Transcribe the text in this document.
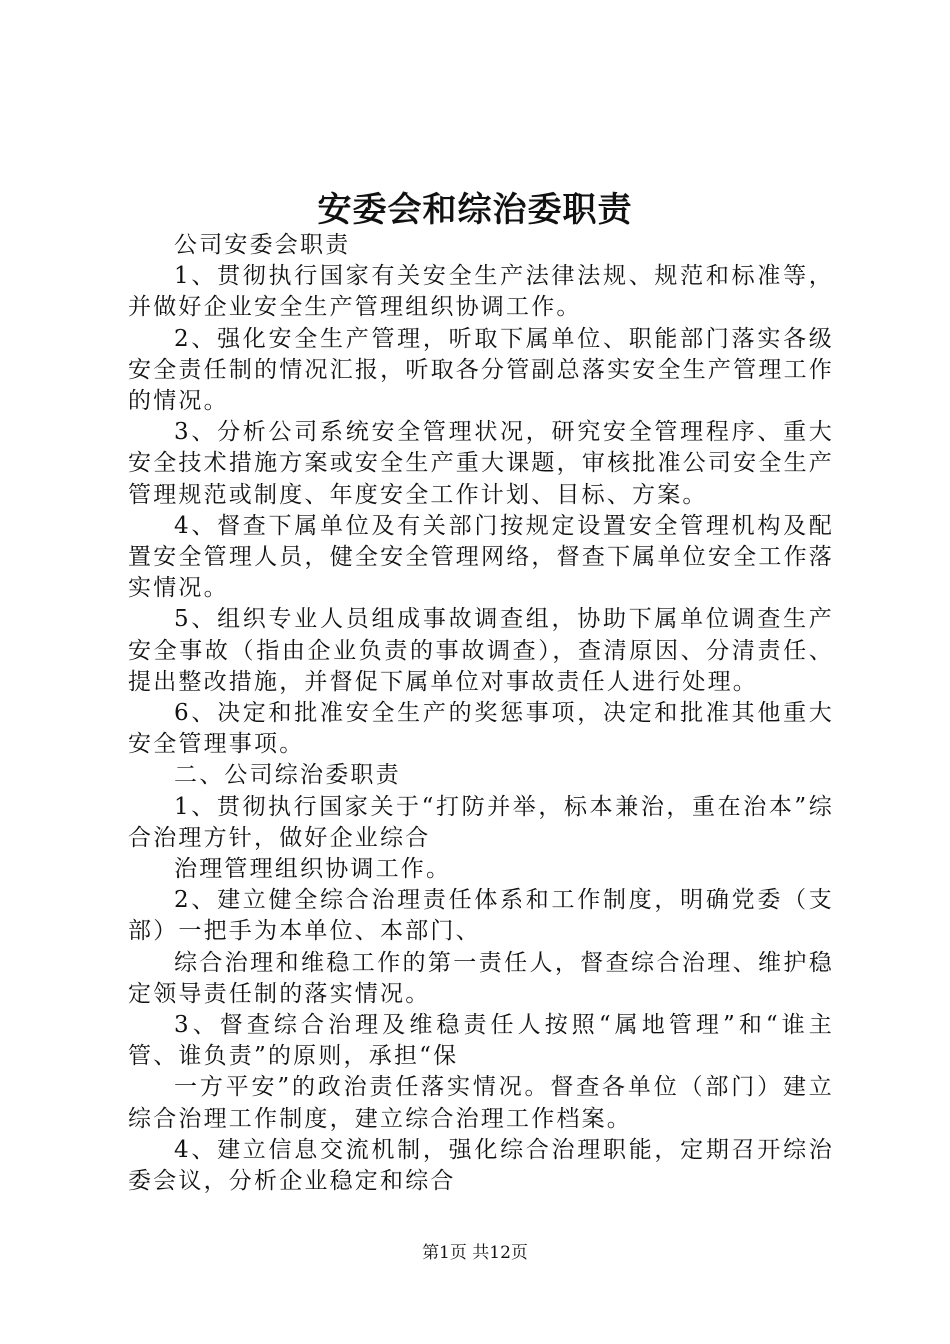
安委会和综治委职责

公司安委会职责

1、贯彻执行国家有关安全生产法律法规、规范和标准等，并做好企业安全生产管理组织协调工作。

2、强化安全生产管理，听取下属单位、职能部门落实各级安全责任制的情况汇报，听取各分管副总落实安全生产管理工作的情况。

3、分析公司系统安全管理状况，研究安全管理程序、重大安全技术措施方案或安全生产重大课题，审核批准公司安全生产管理规范或制度、年度安全工作计划、目标、方案。

4、督查下属单位及有关部门按规定设置安全管理机构及配置安全管理人员，健全安全管理网络，督查下属单位安全工作落实情况。

5、组织专业人员组成事故调查组，协助下属单位调查生产安全事故（指由企业负责的事故调查），查清原因、分清责任、提出整改措施，并督促下属单位对事故责任人进行处理。

6、决定和批准安全生产的奖惩事项，决定和批准其他重大安全管理事项。

二、公司综治委职责

1、贯彻执行国家关于“打防并举，标本兼治，重在治本”综合治理方针，做好企业综合

治理管理组织协调工作。

2、建立健全综合治理责任体系和工作制度，明确党委（支部）一把手为本单位、本部门、

综合治理和维稳工作的第一责任人，督查综合治理、维护稳定领导责任制的落实情况。

3、督查综合治理及维稳责任人按照“属地管理”和“谁主管、谁负责”的原则，承担“保

一方平安”的政治责任落实情况。督查各单位（部门）建立综合治理工作制度，建立综合治理工作档案。

4、建立信息交流机制，强化综合治理职能，定期召开综治委会议，分析企业稳定和综合

第1页 共12页
